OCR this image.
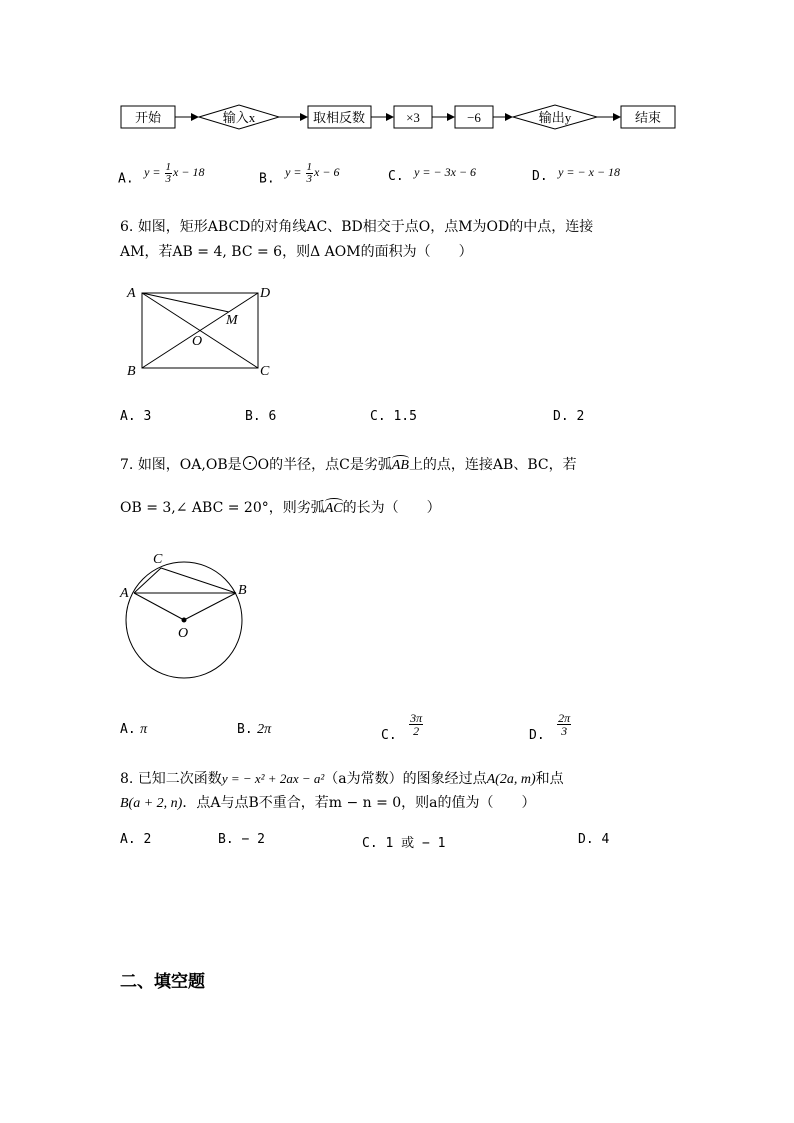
开始	输入x	取相反数	×3	−6	输出y	结束
A. $y = \frac{1}{3}$ x − 18	B. $y = \frac{1}{3}$ x − 6	C. y = − 3x − 6	D. y = − x − 18
6. 如图，矩形ABCD的对角线AC、BD相交于点O，点M为OD的中点，连接
AM，若AB = 4, BC = 6，则Δ AOM的面积为（　　）
A	D
B	C
M
O
A. 3	B. 6	C. 1.5	D. 2
7. 如图，OA,OB是 O的半径，点C是劣弧AB上的点，连接AB、BC，若
OB = 3,∠ ABC = 20°，则劣弧AC的长为（　　）
C
A	B
O
A. π	B. 2π	C. $\frac{3\pi}{2}$	D. $\frac{2\pi}{3}$
8. 已知二次函数y = − x² + 2ax − a²（a为常数）的图象经过点A(2a, m)和点
B(a + 2, n)．点A与点B不重合，若m − n = 0，则a的值为（　　）
A. 2	B. − 2	C. 1 或 − 1	D. 4
二、填空题
